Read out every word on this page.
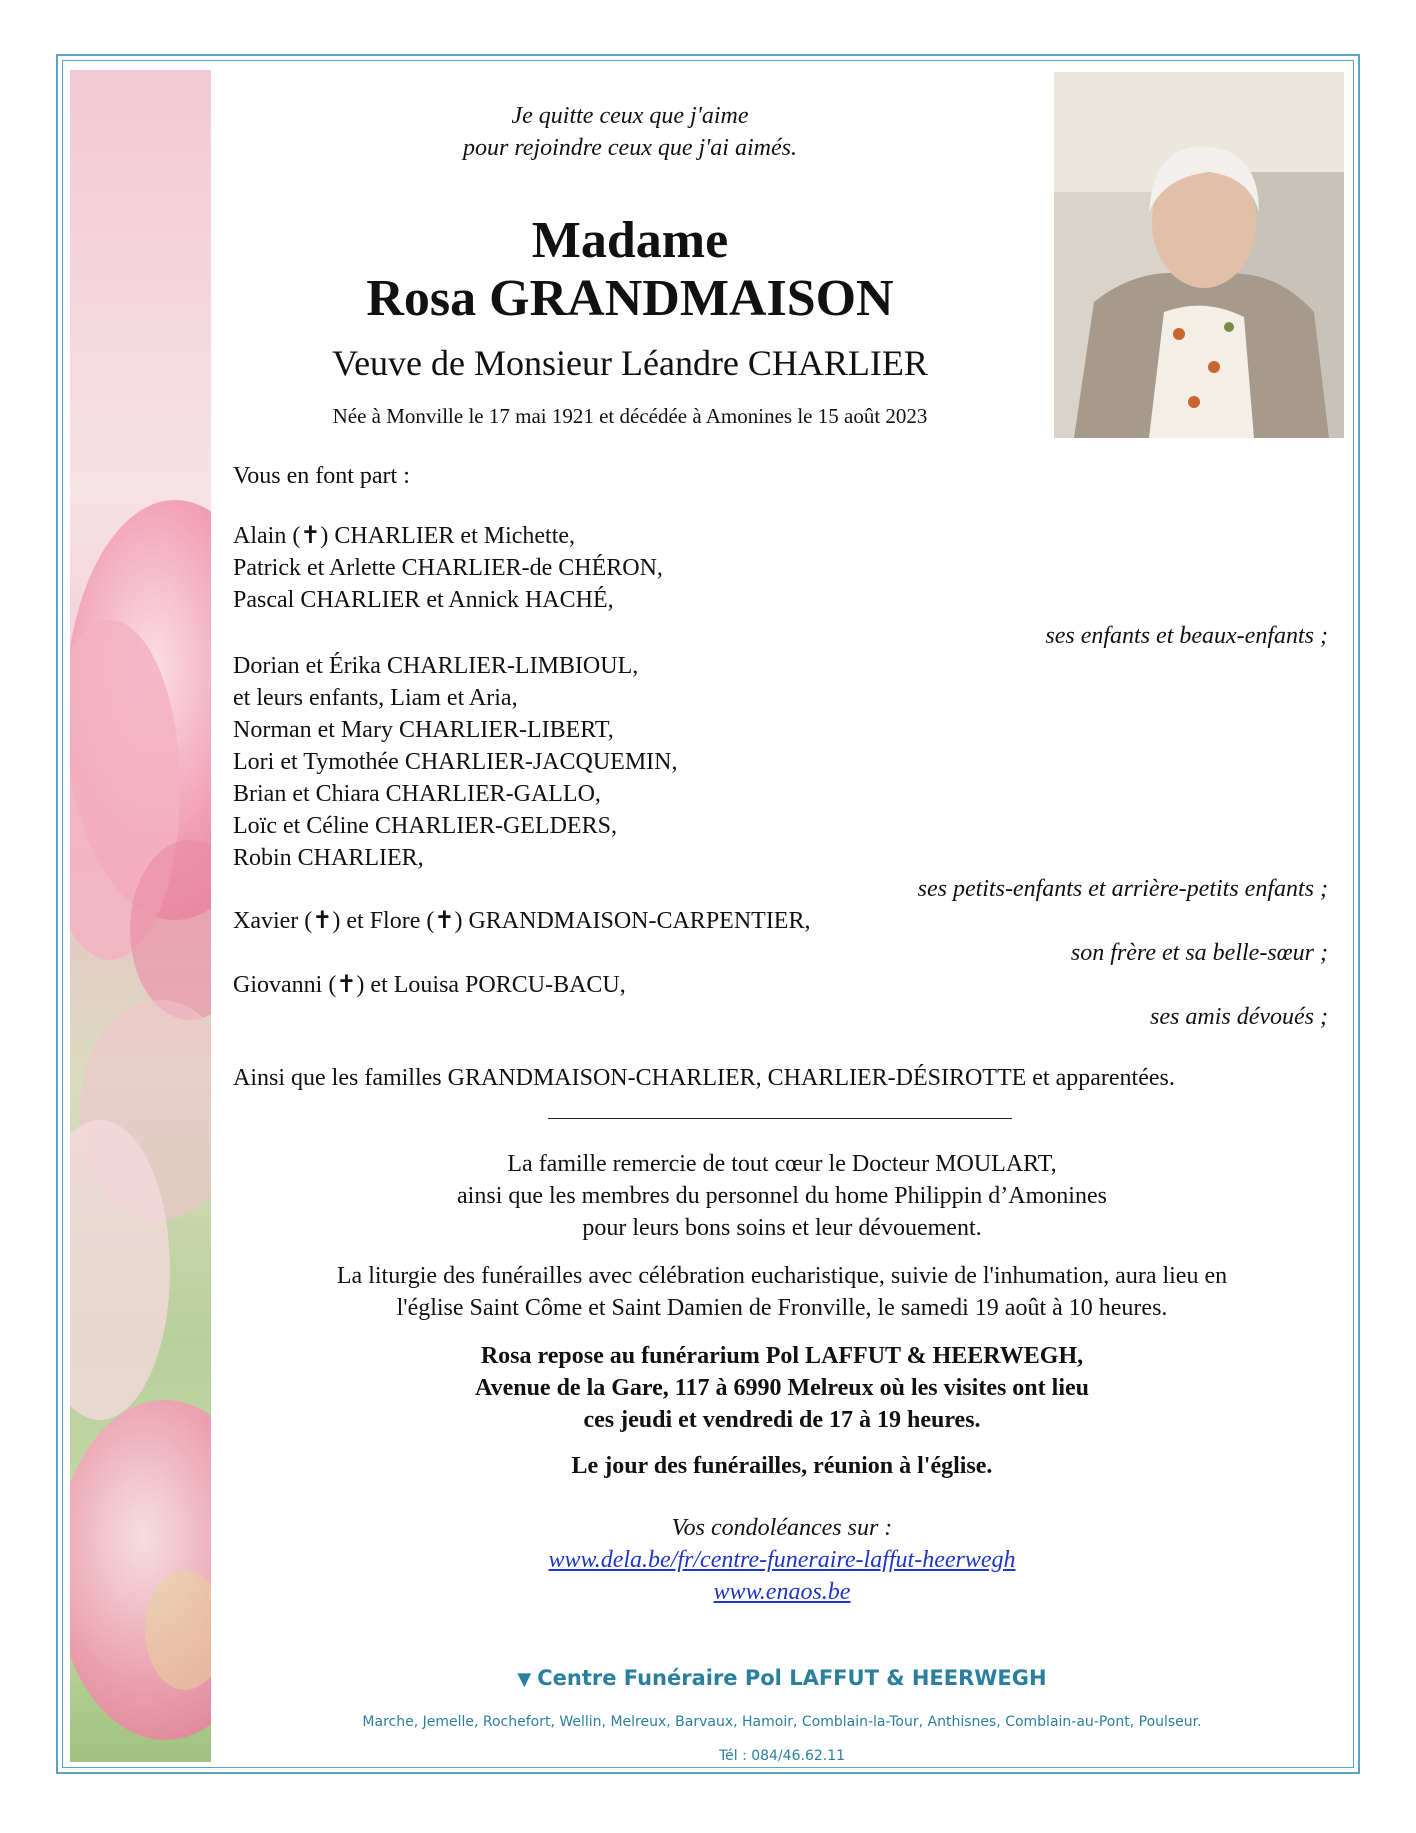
Je quitte ceux que j'aime
pour rejoindre ceux que j'ai aimés.
Madame
Rosa GRANDMAISON
Veuve de Monsieur Léandre CHARLIER
Née à Monville le 17 mai 1921 et décédée à Amonines le 15 août 2023
Vous en font part :
Alain (✝) CHARLIER et Michette,
Patrick et Arlette CHARLIER-de CHÉRON,
Pascal CHARLIER et Annick HACHÉ,
ses enfants et beaux-enfants ;
Dorian et Érika CHARLIER-LIMBIOUL,
et leurs enfants, Liam et Aria,
Norman et Mary CHARLIER-LIBERT,
Lori et Tymothée CHARLIER-JACQUEMIN,
Brian et Chiara CHARLIER-GALLO,
Loïc et Céline CHARLIER-GELDERS,
Robin CHARLIER,
ses petits-enfants et arrière-petits enfants ;
Xavier (✝) et Flore (✝) GRANDMAISON-CARPENTIER,
son frère et sa belle-sœur ;
Giovanni (✝) et Louisa PORCU-BACU,
ses amis dévoués ;
Ainsi que les familles GRANDMAISON-CHARLIER, CHARLIER-DÉSIROTTE et apparentées.
La famille remercie de tout cœur le Docteur MOULART,
ainsi que les membres du personnel du home Philippin d’Amonines
pour leurs bons soins et leur dévouement.
La liturgie des funérailles avec célébration eucharistique, suivie de l'inhumation, aura lieu en
l'église Saint Côme et Saint Damien de Fronville, le samedi 19 août à 10 heures.
Rosa repose au funérarium Pol LAFFUT & HEERWEGH,
Avenue de la Gare, 117 à 6990 Melreux où les visites ont lieu
ces jeudi et vendredi de 17 à 19 heures.
Le jour des funérailles, réunion à l'église.
Vos condoléances sur :
www.dela.be/fr/centre-funeraire-laffut-heerwegh
www.enaos.be
▼ Centre Funéraire Pol LAFFUT & HEERWEGH
Marche, Jemelle, Rochefort, Wellin, Melreux, Barvaux, Hamoir, Comblain-la-Tour, Anthisnes, Comblain-au-Pont, Poulseur.
Tél : 084/46.62.11
